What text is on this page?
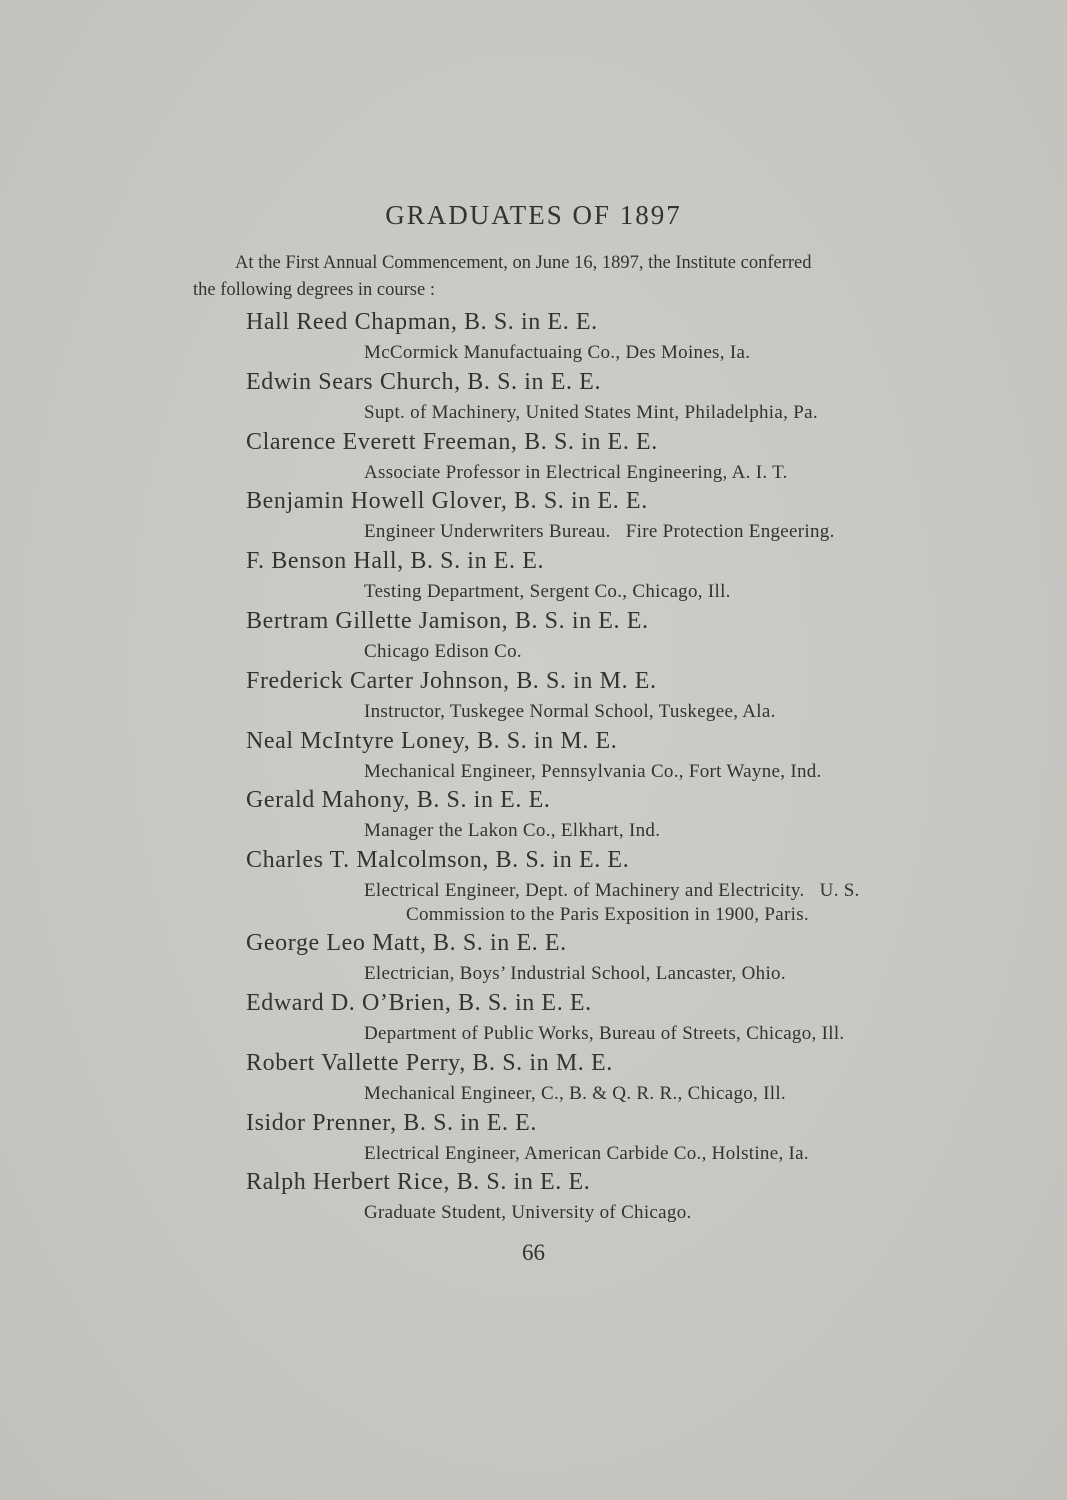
GRADUATES OF 1897
At the First Annual Commencement, on June 16, 1897, the Institute conferred
the following degrees in course :
Hall Reed Chapman, B. S. in E. E.
McCormick Manufactuaing Co., Des Moines, Ia.
Edwin Sears Church, B. S. in E. E.
Supt. of Machinery, United States Mint, Philadelphia, Pa.
Clarence Everett Freeman, B. S. in E. E.
Associate Professor in Electrical Engineering, A. I. T.
Benjamin Howell Glover, B. S. in E. E.
Engineer Underwriters Bureau.   Fire Protection Engeering.
F. Benson Hall, B. S. in E. E.
Testing Department, Sergent Co., Chicago, Ill.
Bertram Gillette Jamison, B. S. in E. E.
Chicago Edison Co.
Frederick Carter Johnson, B. S. in M. E.
Instructor, Tuskegee Normal School, Tuskegee, Ala.
Neal McIntyre Loney, B. S. in M. E.
Mechanical Engineer, Pennsylvania Co., Fort Wayne, Ind.
Gerald Mahony, B. S. in E. E.
Manager the Lakon Co., Elkhart, Ind.
Charles T. Malcolmson, B. S. in E. E.
Electrical Engineer, Dept. of Machinery and Electricity.   U. S.
Commission to the Paris Exposition in 1900, Paris.
George Leo Matt, B. S. in E. E.
Electrician, Boys’ Industrial School, Lancaster, Ohio.
Edward D. O’Brien, B. S. in E. E.
Department of Public Works, Bureau of Streets, Chicago, Ill.
Robert Vallette Perry, B. S. in M. E.
Mechanical Engineer, C., B. & Q. R. R., Chicago, Ill.
Isidor Prenner, B. S. in E. E.
Electrical Engineer, American Carbide Co., Holstine, Ia.
Ralph Herbert Rice, B. S. in E. E.
Graduate Student, University of Chicago.
66
